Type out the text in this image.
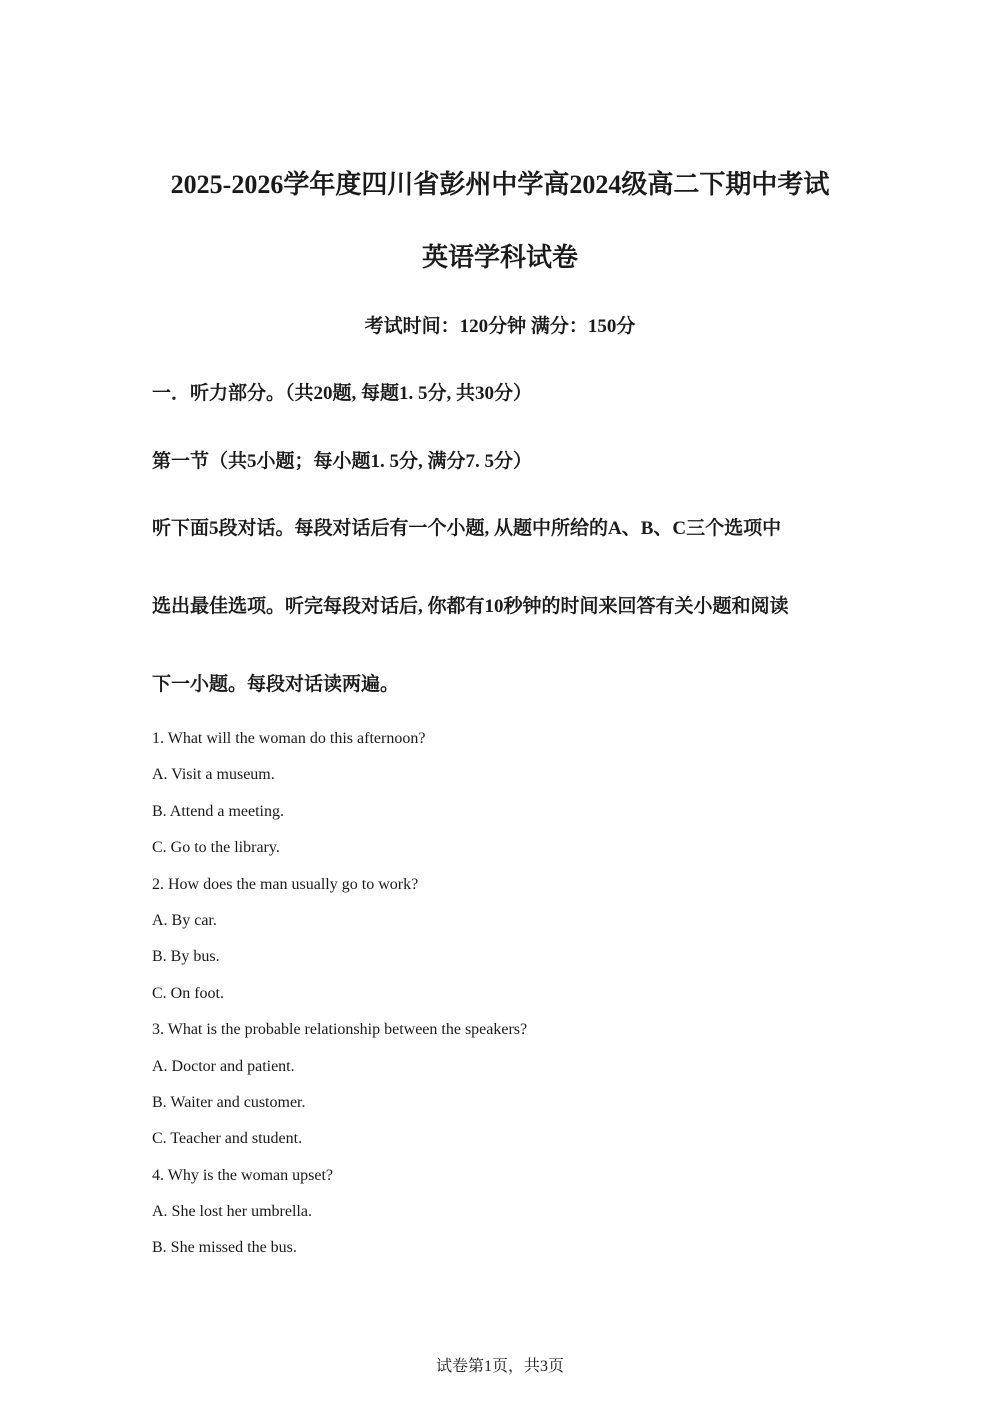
2025-2026学年度四川省彭州中学高2024级高二下期中考试
英语学科试卷

考试时间：120分钟 满分：150分

一．听力部分。（共20题, 每题1. 5分, 共30分）

第一节（共5小题；每小题1. 5分, 满分7. 5分）

听下面5段对话。每段对话后有一个小题, 从题中所给的A、B、C三个选项中
选出最佳选项。听完每段对话后, 你都有10秒钟的时间来回答有关小题和阅读
下一小题。每段对话读两遍。
1. What will the woman do this afternoon?
A. Visit a museum.
B. Attend a meeting.
C. Go to the library.
2. How does the man usually go to work?
A. By car.
B. By bus.
C. On foot.
3. What is the probable relationship between the speakers?
A. Doctor and patient.
B. Waiter and customer.
C. Teacher and student.
4. Why is the woman upset?
A. She lost her umbrella.
B. She missed the bus.

试卷第1页，共3页
